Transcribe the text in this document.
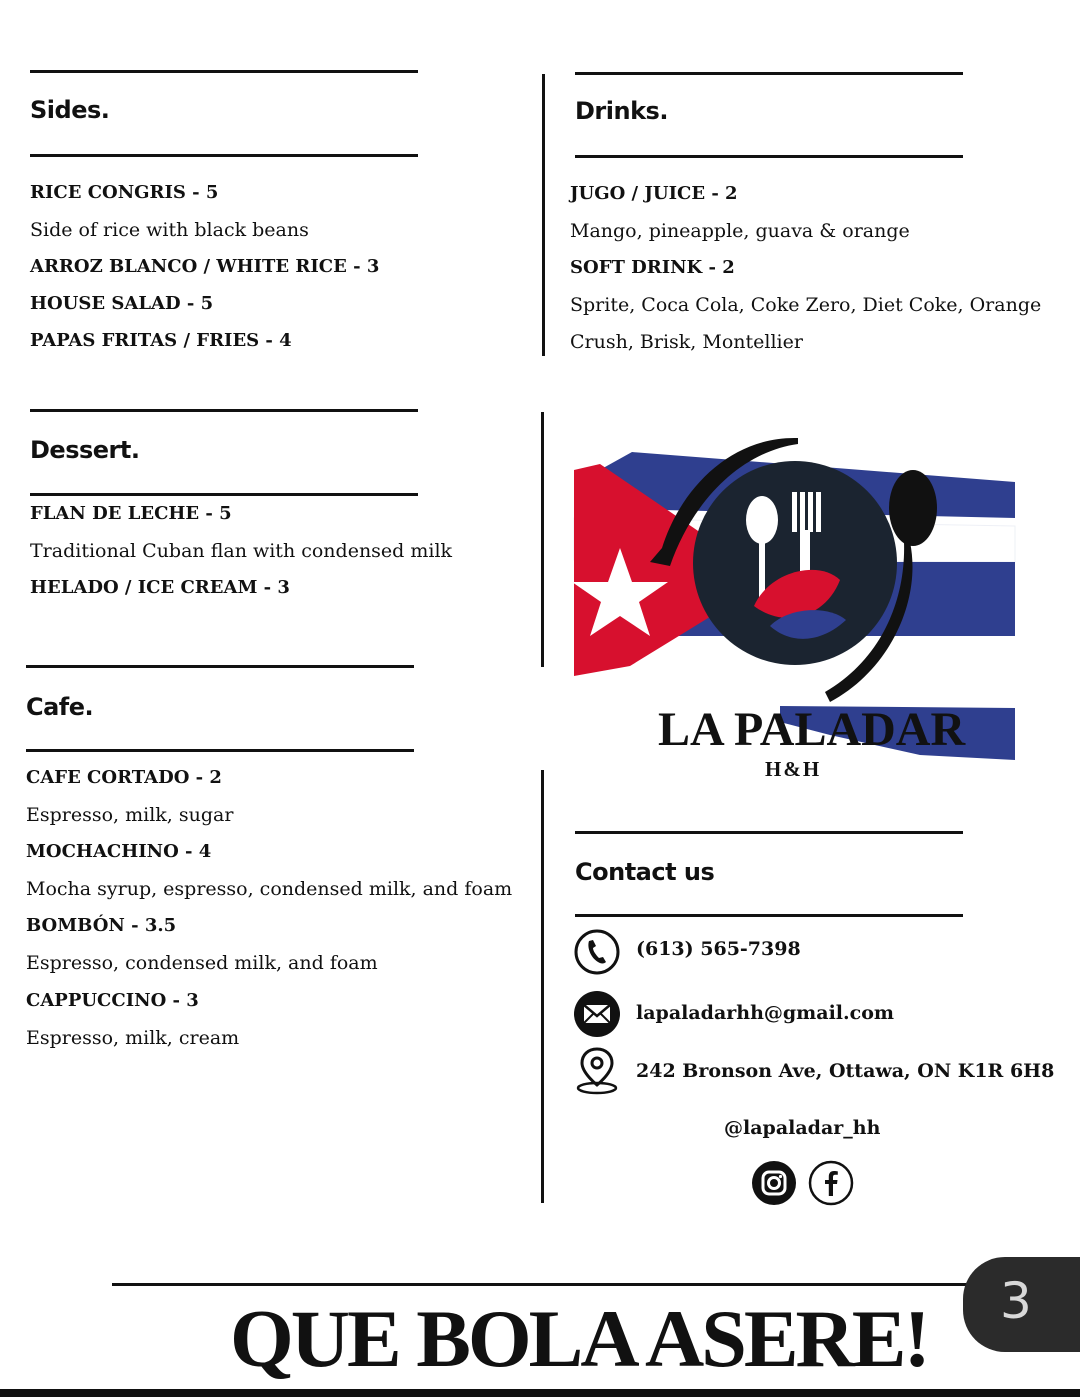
Sides.
RICE CONGRIS - 5
Side of rice with black beans
ARROZ BLANCO / WHITE RICE - 3
HOUSE SALAD - 5
PAPAS FRITAS / FRIES - 4
Drinks.
JUGO / JUICE - 2
Mango, pineapple, guava & orange
SOFT DRINK - 2
Sprite, Coca Cola, Coke Zero, Diet Coke, Orange
Crush, Brisk, Montellier
Dessert.
FLAN DE LECHE - 5
Traditional Cuban flan with condensed milk
HELADO / ICE CREAM - 3
LA PALADAR
H&H
Cafe.
CAFE CORTADO - 2
Espresso, milk, sugar
MOCHACHINO - 4
Mocha syrup, espresso, condensed milk, and foam
BOMBÓN - 3.5
Espresso, condensed milk, and foam
CAPPUCCINO - 3
Espresso, milk, cream
Contact us
(613) 565-7398
lapaladarhh@gmail.com
242 Bronson Ave, Ottawa, ON K1R 6H8
@lapaladar_hh
QUE BOLA ASERE! 3
